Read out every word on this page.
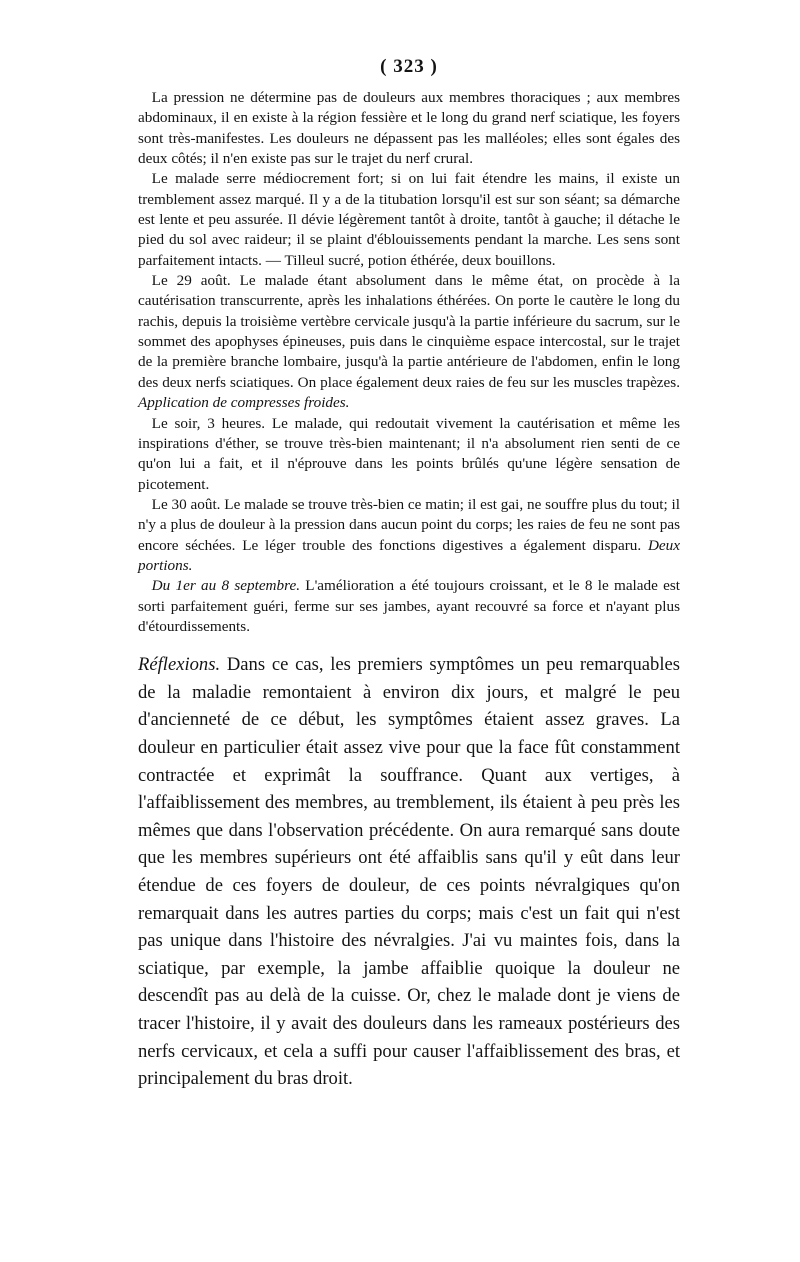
( 323 )

La pression ne détermine pas de douleurs aux membres thoraciques ; aux membres abdominaux, il en existe à la région fessière et le long du grand nerf sciatique, les foyers sont très-manifestes. Les douleurs ne dépassent pas les malléoles; elles sont égales des deux côtés; il n'en existe pas sur le trajet du nerf crural.

Le malade serre médiocrement fort; si on lui fait étendre les mains, il existe un tremblement assez marqué. Il y a de la titubation lorsqu'il est sur son séant; sa démarche est lente et peu assurée. Il dévie légèrement tantôt à droite, tantôt à gauche; il détache le pied du sol avec raideur; il se plaint d'éblouissements pendant la marche. Les sens sont parfaitement intacts. — Tilleul sucré, potion éthérée, deux bouillons.

Le 29 août. Le malade étant absolument dans le même état, on procède à la cautérisation transcurrente, après les inhalations éthérées. On porte le cautère le long du rachis, depuis la troisième vertèbre cervicale jusqu'à la partie inférieure du sacrum, sur le sommet des apophyses épineuses, puis dans le cinquième espace intercostal, sur le trajet de la première branche lombaire, jusqu'à la partie antérieure de l'abdomen, enfin le long des deux nerfs sciatiques. On place également deux raies de feu sur les muscles trapèzes. Application de compresses froides.

Le soir, 3 heures. Le malade, qui redoutait vivement la cautérisation et même les inspirations d'éther, se trouve très-bien maintenant; il n'a absolument rien senti de ce qu'on lui a fait, et il n'éprouve dans les points brûlés qu'une légère sensation de picotement.

Le 30 août. Le malade se trouve très-bien ce matin; il est gai, ne souffre plus du tout; il n'y a plus de douleur à la pression dans aucun point du corps; les raies de feu ne sont pas encore séchées. Le léger trouble des fonctions digestives a également disparu. Deux portions.

Du 1er au 8 septembre. L'amélioration a été toujours croissant, et le 8 le malade est sorti parfaitement guéri, ferme sur ses jambes, ayant recouvré sa force et n'ayant plus d'étourdissements.

Réflexions. Dans ce cas, les premiers symptômes un peu remarquables de la maladie remontaient à environ dix jours, et malgré le peu d'ancienneté de ce début, les symptômes étaient assez graves. La douleur en particulier était assez vive pour que la face fût constamment contractée et exprimât la souffrance. Quant aux vertiges, à l'affaiblissement des membres, au tremblement, ils étaient à peu près les mêmes que dans l'observation précédente. On aura remarqué sans doute que les membres supérieurs ont été affaiblis sans qu'il y eût dans leur étendue de ces foyers de douleur, de ces points névralgiques qu'on remarquait dans les autres parties du corps; mais c'est un fait qui n'est pas unique dans l'histoire des névralgies. J'ai vu maintes fois, dans la sciatique, par exemple, la jambe affaiblie quoique la douleur ne descendît pas au delà de la cuisse. Or, chez le malade dont je viens de tracer l'histoire, il y avait des douleurs dans les rameaux postérieurs des nerfs cervicaux, et cela a suffi pour causer l'affaiblissement des bras, et principalement du bras droit.
